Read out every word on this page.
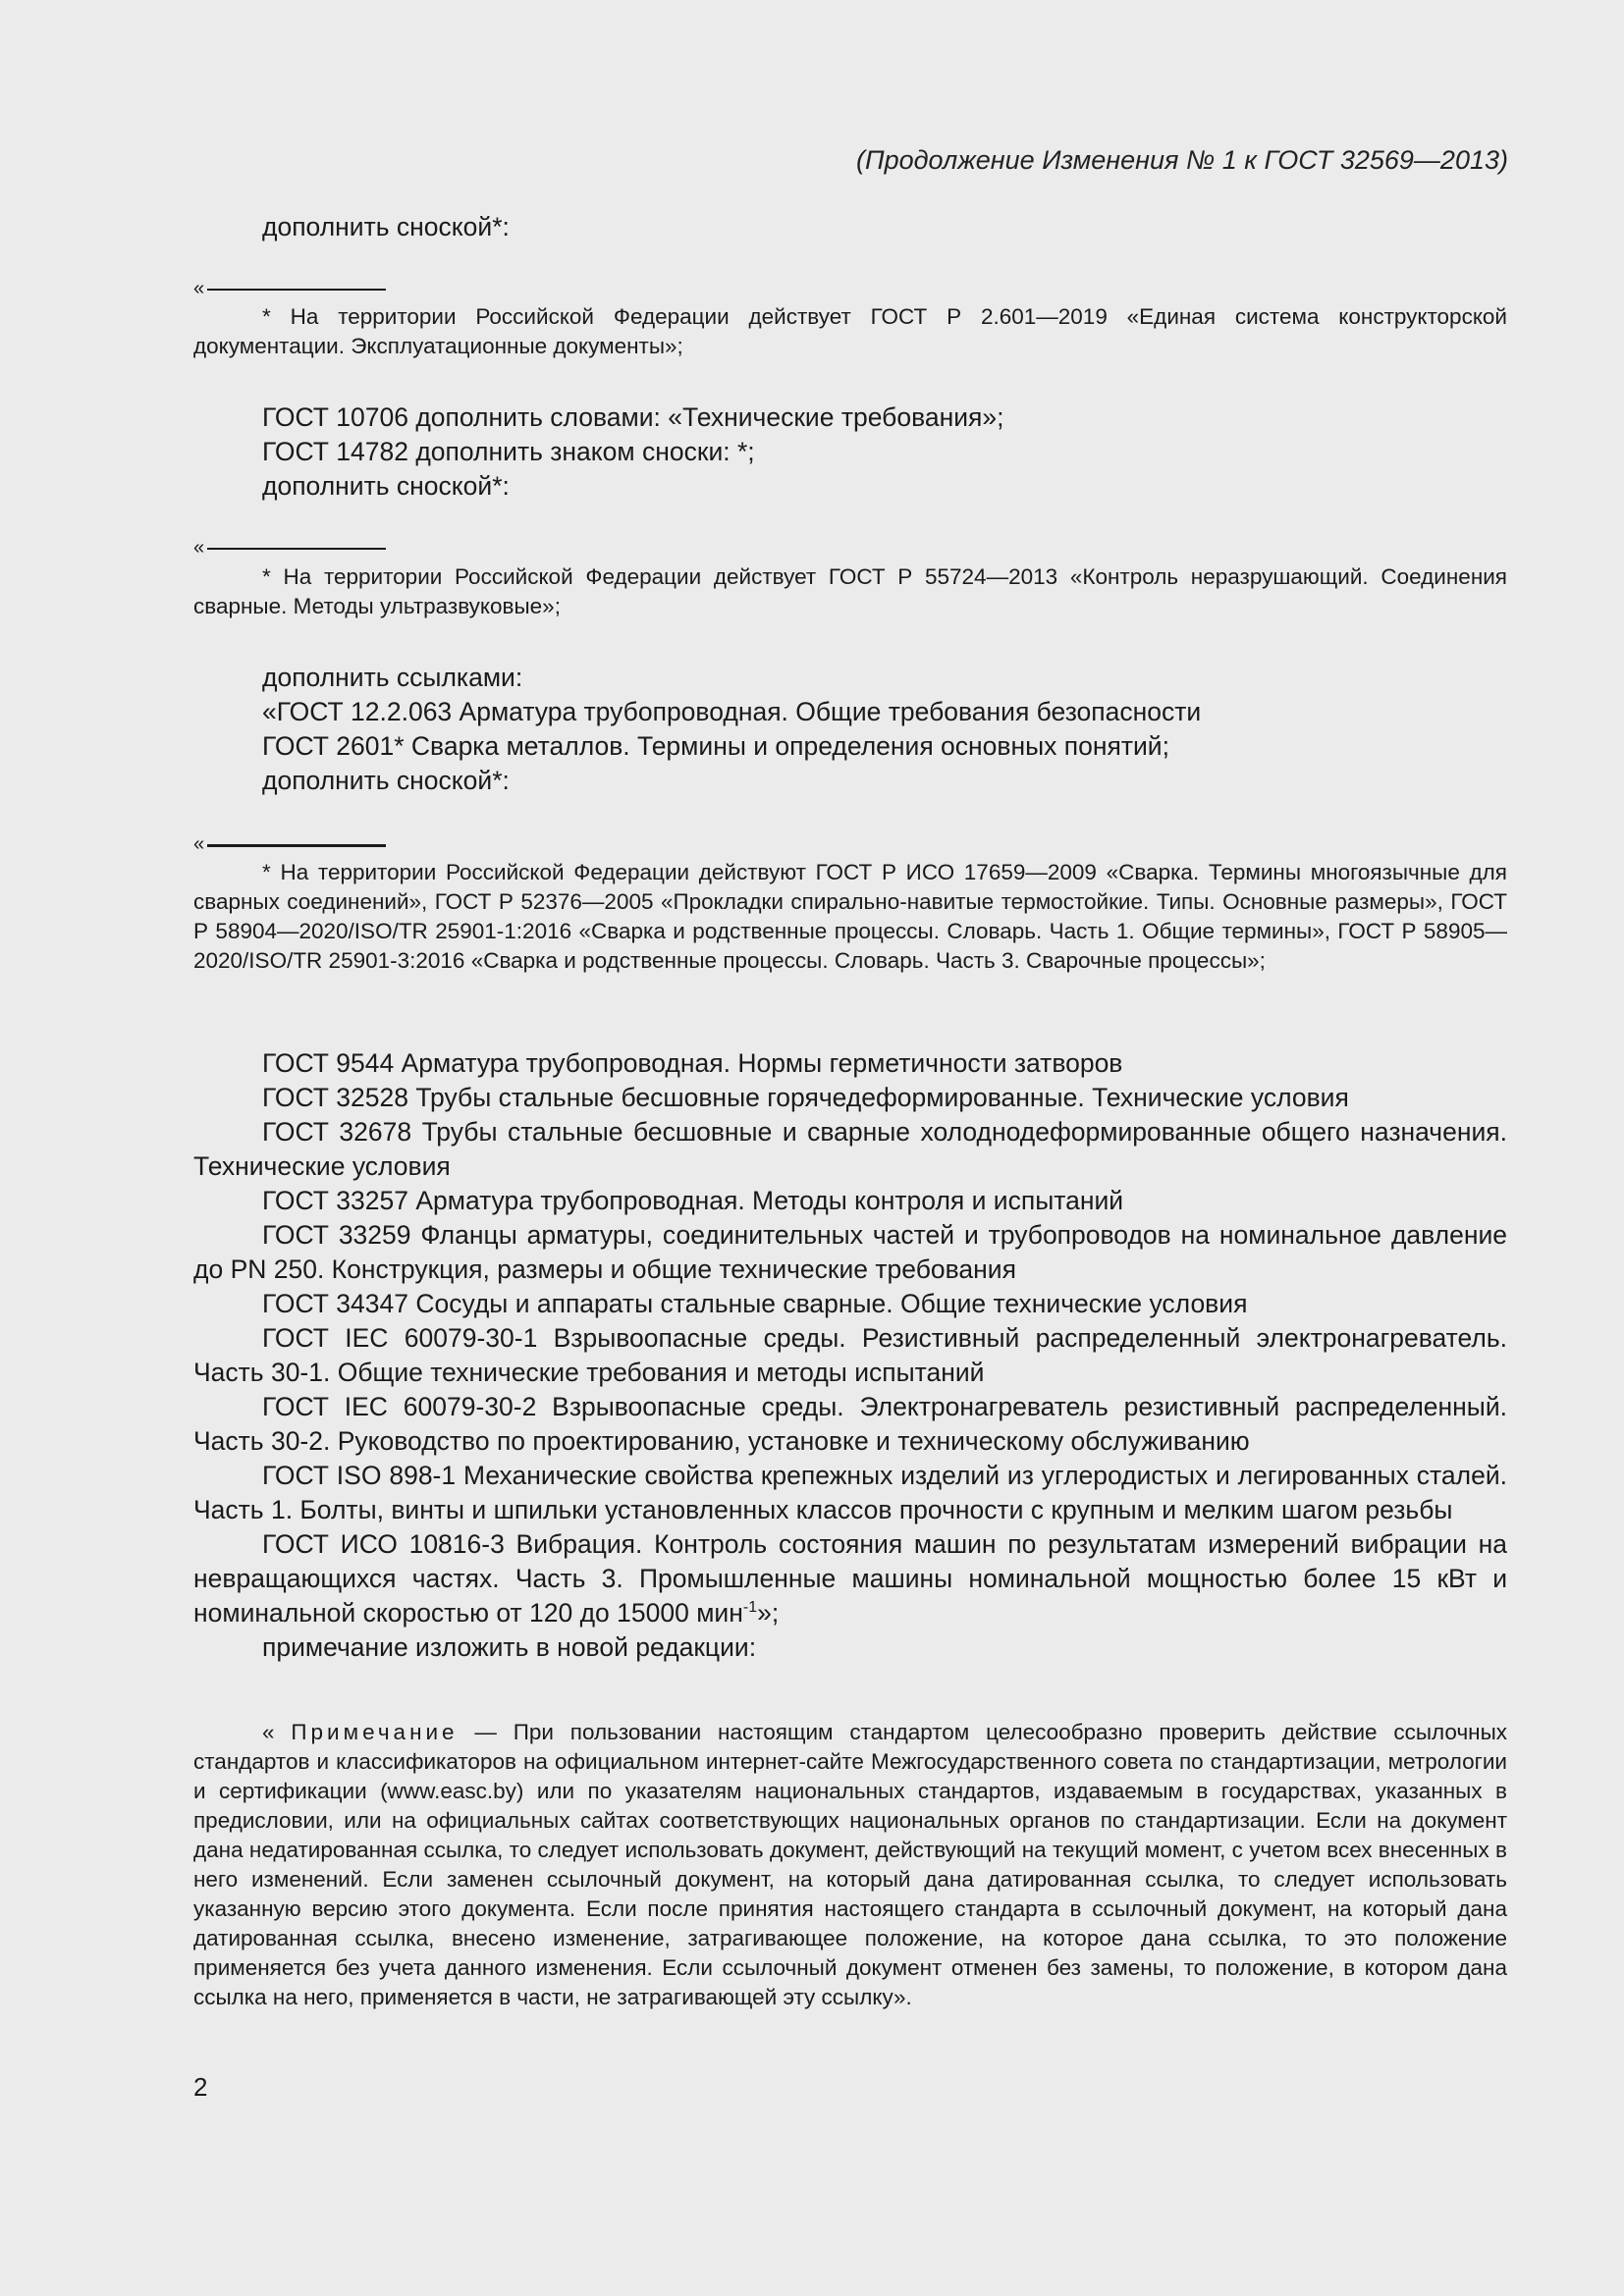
(Продолжение Изменения № 1 к ГОСТ 32569—2013)

дополнить сноской*:

«

* На территории Российской Федерации действует ГОСТ Р 2.601—2019 «Единая система конструкторской документации. Эксплуатационные документы»;

ГОСТ 10706 дополнить словами: «Технические требования»;

ГОСТ 14782 дополнить знаком сноски: *;

дополнить сноской*:

«

* На территории Российской Федерации действует ГОСТ Р 55724—2013 «Контроль неразрушающий. Соединения сварные. Методы ультразвуковые»;

дополнить ссылками:

«ГОСТ 12.2.063 Арматура трубопроводная. Общие требования безопасности

ГОСТ 2601* Сварка металлов. Термины и определения основных понятий;

дополнить сноской*:

«

* На территории Российской Федерации действуют ГОСТ Р ИСО 17659—2009 «Сварка. Термины многоязычные для сварных соединений», ГОСТ Р 52376—2005 «Прокладки спирально-навитые термостойкие. Типы. Основные размеры», ГОСТ Р 58904—2020/ISO/TR 25901-1:2016 «Сварка и родственные процессы. Словарь. Часть 1. Общие термины», ГОСТ Р 58905—2020/ISO/TR 25901-3:2016 «Сварка и родственные процессы. Словарь. Часть 3. Сварочные процессы»;

ГОСТ 9544 Арматура трубопроводная. Нормы герметичности затворов

ГОСТ 32528 Трубы стальные бесшовные горячедеформированные. Технические условия

ГОСТ 32678 Трубы стальные бесшовные и сварные холоднодеформированные общего назначения. Технические условия

ГОСТ 33257 Арматура трубопроводная. Методы контроля и испытаний

ГОСТ 33259 Фланцы арматуры, соединительных частей и трубопроводов на номинальное давление до PN 250. Конструкция, размеры и общие технические требования

ГОСТ 34347 Сосуды и аппараты стальные сварные. Общие технические условия

ГОСТ IEC 60079-30-1 Взрывоопасные среды. Резистивный распределенный электронагреватель. Часть 30-1. Общие технические требования и методы испытаний

ГОСТ IEC 60079-30-2 Взрывоопасные среды. Электронагреватель резистивный распределенный. Часть 30-2. Руководство по проектированию, установке и техническому обслуживанию

ГОСТ ISO 898-1 Механические свойства крепежных изделий из углеродистых и легированных сталей. Часть 1. Болты, винты и шпильки установленных классов прочности с крупным и мелким шагом резьбы

ГОСТ ИСО 10816-3 Вибрация. Контроль состояния машин по результатам измерений вибрации на невращающихся частях. Часть 3. Промышленные машины номинальной мощностью более 15 кВт и номинальной скоростью от 120 до 15000 мин$^{-1}$»;

примечание изложить в новой редакции:

« Примечание — При пользовании настоящим стандартом целесообразно проверить действие ссылочных стандартов и классификаторов на официальном интернет-сайте Межгосударственного совета по стандартизации, метрологии и сертификации (www.easc.by) или по указателям национальных стандартов, издаваемым в государствах, указанных в предисловии, или на официальных сайтах соответствующих национальных органов по стандартизации. Если на документ дана недатированная ссылка, то следует использовать документ, действующий на текущий момент, с учетом всех внесенных в него изменений. Если заменен ссылочный документ, на который дана датированная ссылка, то следует использовать указанную версию этого документа. Если после принятия настоящего стандарта в ссылочный документ, на который дана датированная ссылка, внесено изменение, затрагивающее положение, на которое дана ссылка, то это положение применяется без учета данного изменения. Если ссылочный документ отменен без замены, то положение, в котором дана ссылка на него, применяется в части, не затрагивающей эту ссылку».

2
